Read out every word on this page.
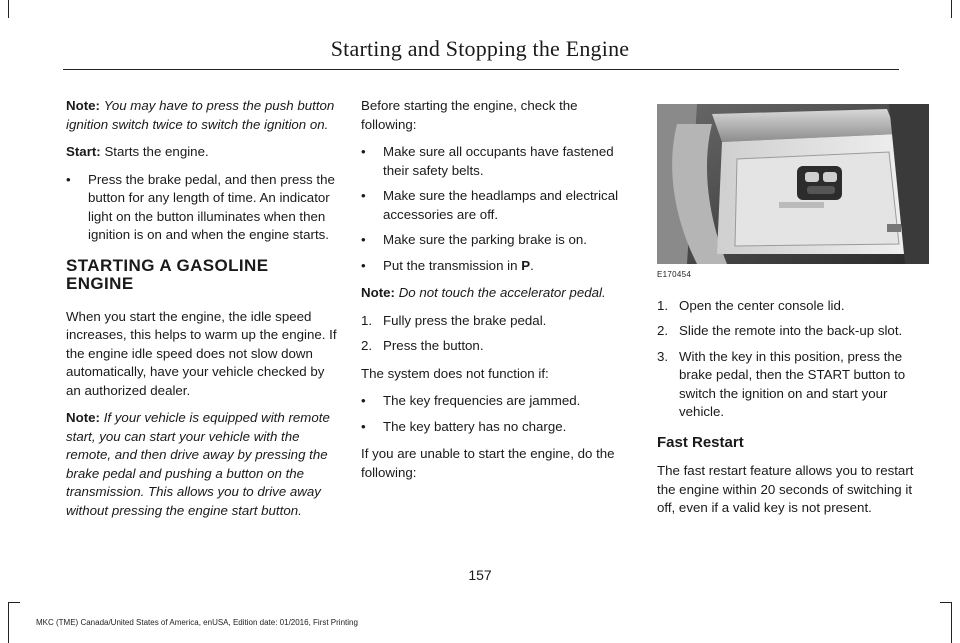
Starting and Stopping the Engine

Note: You may have to press the push button ignition switch twice to switch the ignition on.

Start: Starts the engine.

• Press the brake pedal, and then press the button for any length of time. An indicator light on the button illuminates when then ignition is on and when the engine starts.
STARTING A GASOLINE ENGINE

When you start the engine, the idle speed increases, this helps to warm up the engine. If the engine idle speed does not slow down automatically, have your vehicle checked by an authorized dealer.

Note: If your vehicle is equipped with remote start, you can start your vehicle with the remote, and then drive away by pressing the brake pedal and pushing a button on the transmission. This allows you to drive away without pressing the engine start button.

Before starting the engine, check the following:

• Make sure all occupants have fastened their safety belts.
• Make sure the headlamps and electrical accessories are off.
• Make sure the parking brake is on.
• Put the transmission in P.

Note: Do not touch the accelerator pedal.

1. Fully press the brake pedal.
2. Press the button.

The system does not function if:

• The key frequencies are jammed.
• The key battery has no charge.

If you are unable to start the engine, do the following:

E170454
1. Open the center console lid.
2. Slide the remote into the back-up slot.
3. With the key in this position, press the brake pedal, then the START button to switch the ignition on and start your vehicle.
Fast Restart

The fast restart feature allows you to restart the engine within 20 seconds of switching it off, even if a valid key is not present.

157
MKC (TME) Canada/United States of America, enUSA, Edition date: 01/2016, First Printing
